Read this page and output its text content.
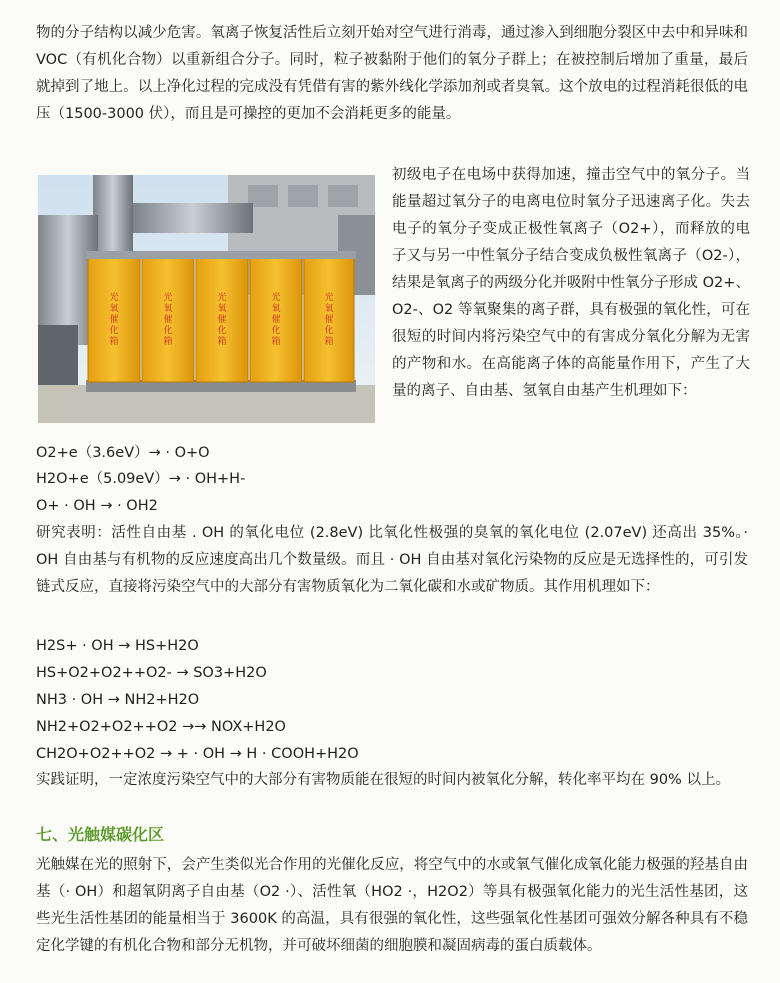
物的分子结构以减少危害。氧离子恢复活性后立刻开始对空气进行消毒，通过渗入到细胞分裂区中去中和异味和 VOC（有机化合物）以重新组合分子。同时，粒子被黏附于他们的氧分子群上；在被控制后增加了重量，最后就掉到了地上。以上净化过程的完成没有凭借有害的紫外线化学添加剂或者臭氧。这个放电的过程消耗很低的电压（1500-3000 伏），而且是可操控的更加不会消耗更多的能量。

光氧催化箱
光氧催化箱
光氧催化箱
光氧催化箱
光氧催化箱

初级电子在电场中获得加速，撞击空气中的氧分子。当能量超过氧分子的电离电位时氧分子迅速离子化。失去电子的氧分子变成正极性氧离子（O2+），而释放的电子又与另一中性氧分子结合变成负极性氧离子（O2-），结果是氧离子的两级分化并吸附中性氧分子形成 O2+、O2-、O2 等氧聚集的离子群，具有极强的氧化性，可在很短的时间内将污染空气中的有害成分氧化分解为无害的产物和水。在高能离子体的高能量作用下，产生了大量的离子、自由基、氢氧自由基产生机理如下：

O2+e（3.6eV）→ · O+O

H2O+e（5.09eV）→ · OH+H-

O+ · OH → · OH2

研究表明：活性自由基 . OH 的氧化电位 (2.8eV) 比氧化性极强的臭氧的氧化电位 (2.07eV) 还高出 35%。· OH 自由基与有机物的反应速度高出几个数量级。而且 · OH 自由基对氧化污染物的反应是无选择性的，可引发链式反应，直接将污染空气中的大部分有害物质氧化为二氧化碳和水或矿物质。其作用机理如下：

H2S+ · OH → HS+H2O

HS+O2+O2++O2- → SO3+H2O

NH3 · OH → NH2+H2O

NH2+O2+O2++O2 →→ NOX+H2O

CH2O+O2++O2 → + · OH → H · COOH+H2O

实践证明，一定浓度污染空气中的大部分有害物质能在很短的时间内被氧化分解，转化率平均在 90% 以上。

七、光触媒碳化区

光触媒在光的照射下，会产生类似光合作用的光催化反应，将空气中的水或氧气催化成氧化能力极强的羟基自由基（· OH）和超氧阴离子自由基（O2 ·）、活性氧（HO2 ·，H2O2）等具有极强氧化能力的光生活性基团，这些光生活性基团的能量相当于 3600K 的高温，具有很强的氧化性，这些强氧化性基团可强效分解各种具有不稳定化学键的有机化合物和部分无机物，并可破坏细菌的细胞膜和凝固病毒的蛋白质载体。
